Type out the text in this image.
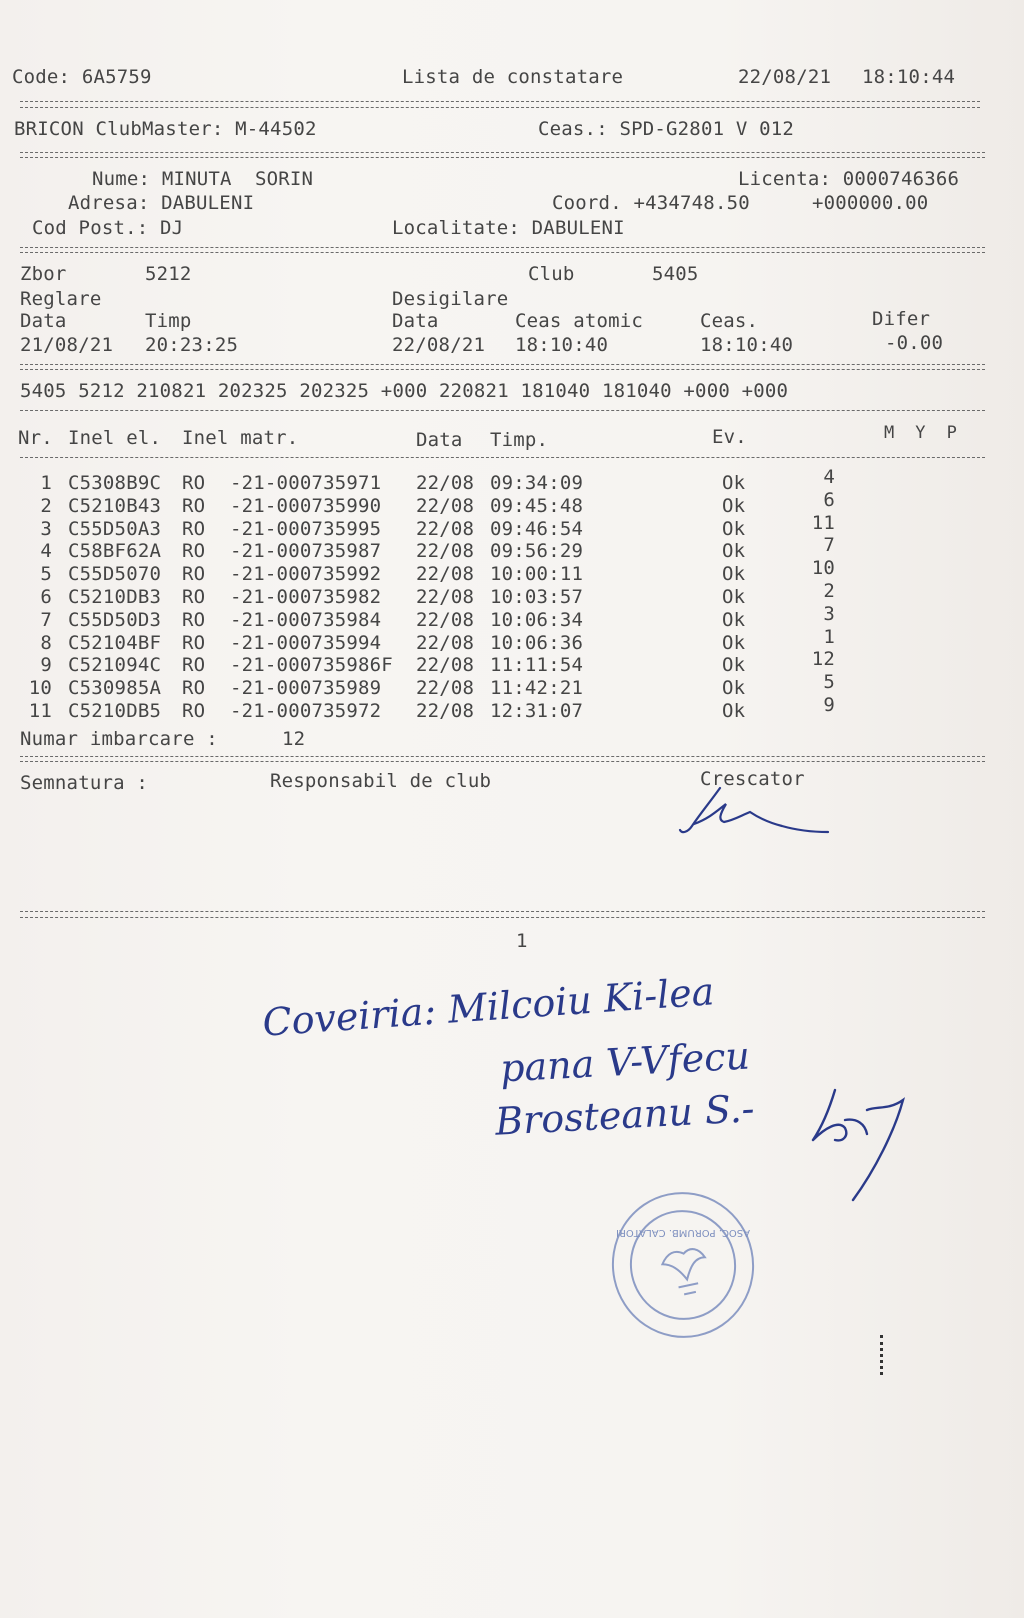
Code: 6A5759	Lista de constatare	22/08/21 18:10:44
BRICON ClubMaster: M-44502	Ceas.: SPD-G2801 V 012
Nume: MINUTA  SORIN	Licenta: 0000746366
Adresa: DABULENI	Coord. +434748.50	+000000.00
Cod Post.: DJ	Localitate: DABULENI
Zbor	5212	Club	5405
Reglare	Desigilare
Data	Timp	Data	Ceas atomic	Ceas.	Difer
21/08/21 20:23:25	22/08/21 18:10:40	18:10:40	-0.00
5405 5212 210821 202325 202325 +000 220821 181040 181040 +000 +000
Nr. Inel el. Inel matr.	Data Timp.	Ev.	M  Y  P
1 C5308B9C RO -21-000735971 22/08 09:34:09	Ok	4
2 C5210B43 RO -21-000735990 22/08 09:45:48	Ok	6
3 C55D50A3 RO -21-000735995 22/08 09:46:54	Ok	11
4 C58BF62A RO -21-000735987 22/08 09:56:29	Ok	7
5 C55D5070 RO -21-000735992 22/08 10:00:11	Ok	10
6 C5210DB3 RO -21-000735982 22/08 10:03:57	Ok	2
7 C55D50D3 RO -21-000735984 22/08 10:06:34	Ok	3
8 C52104BF RO -21-000735994 22/08 10:06:36	Ok	1
9 C521094C RO -21-000735986F 22/08 11:11:54	Ok	12
10 C530985A RO -21-000735989 22/08 11:42:21	Ok	5
11 C5210DB5 RO -21-000735972 22/08 12:31:07	Ok	9
Numar imbarcare :	12
Semnatura :	Responsabil de club	Crescator
1
Coveiria: Milcoiu Ki-lea
pana V-Vfecu
Brosteanu S.-
ASOC. PORUMB. CALATORI
